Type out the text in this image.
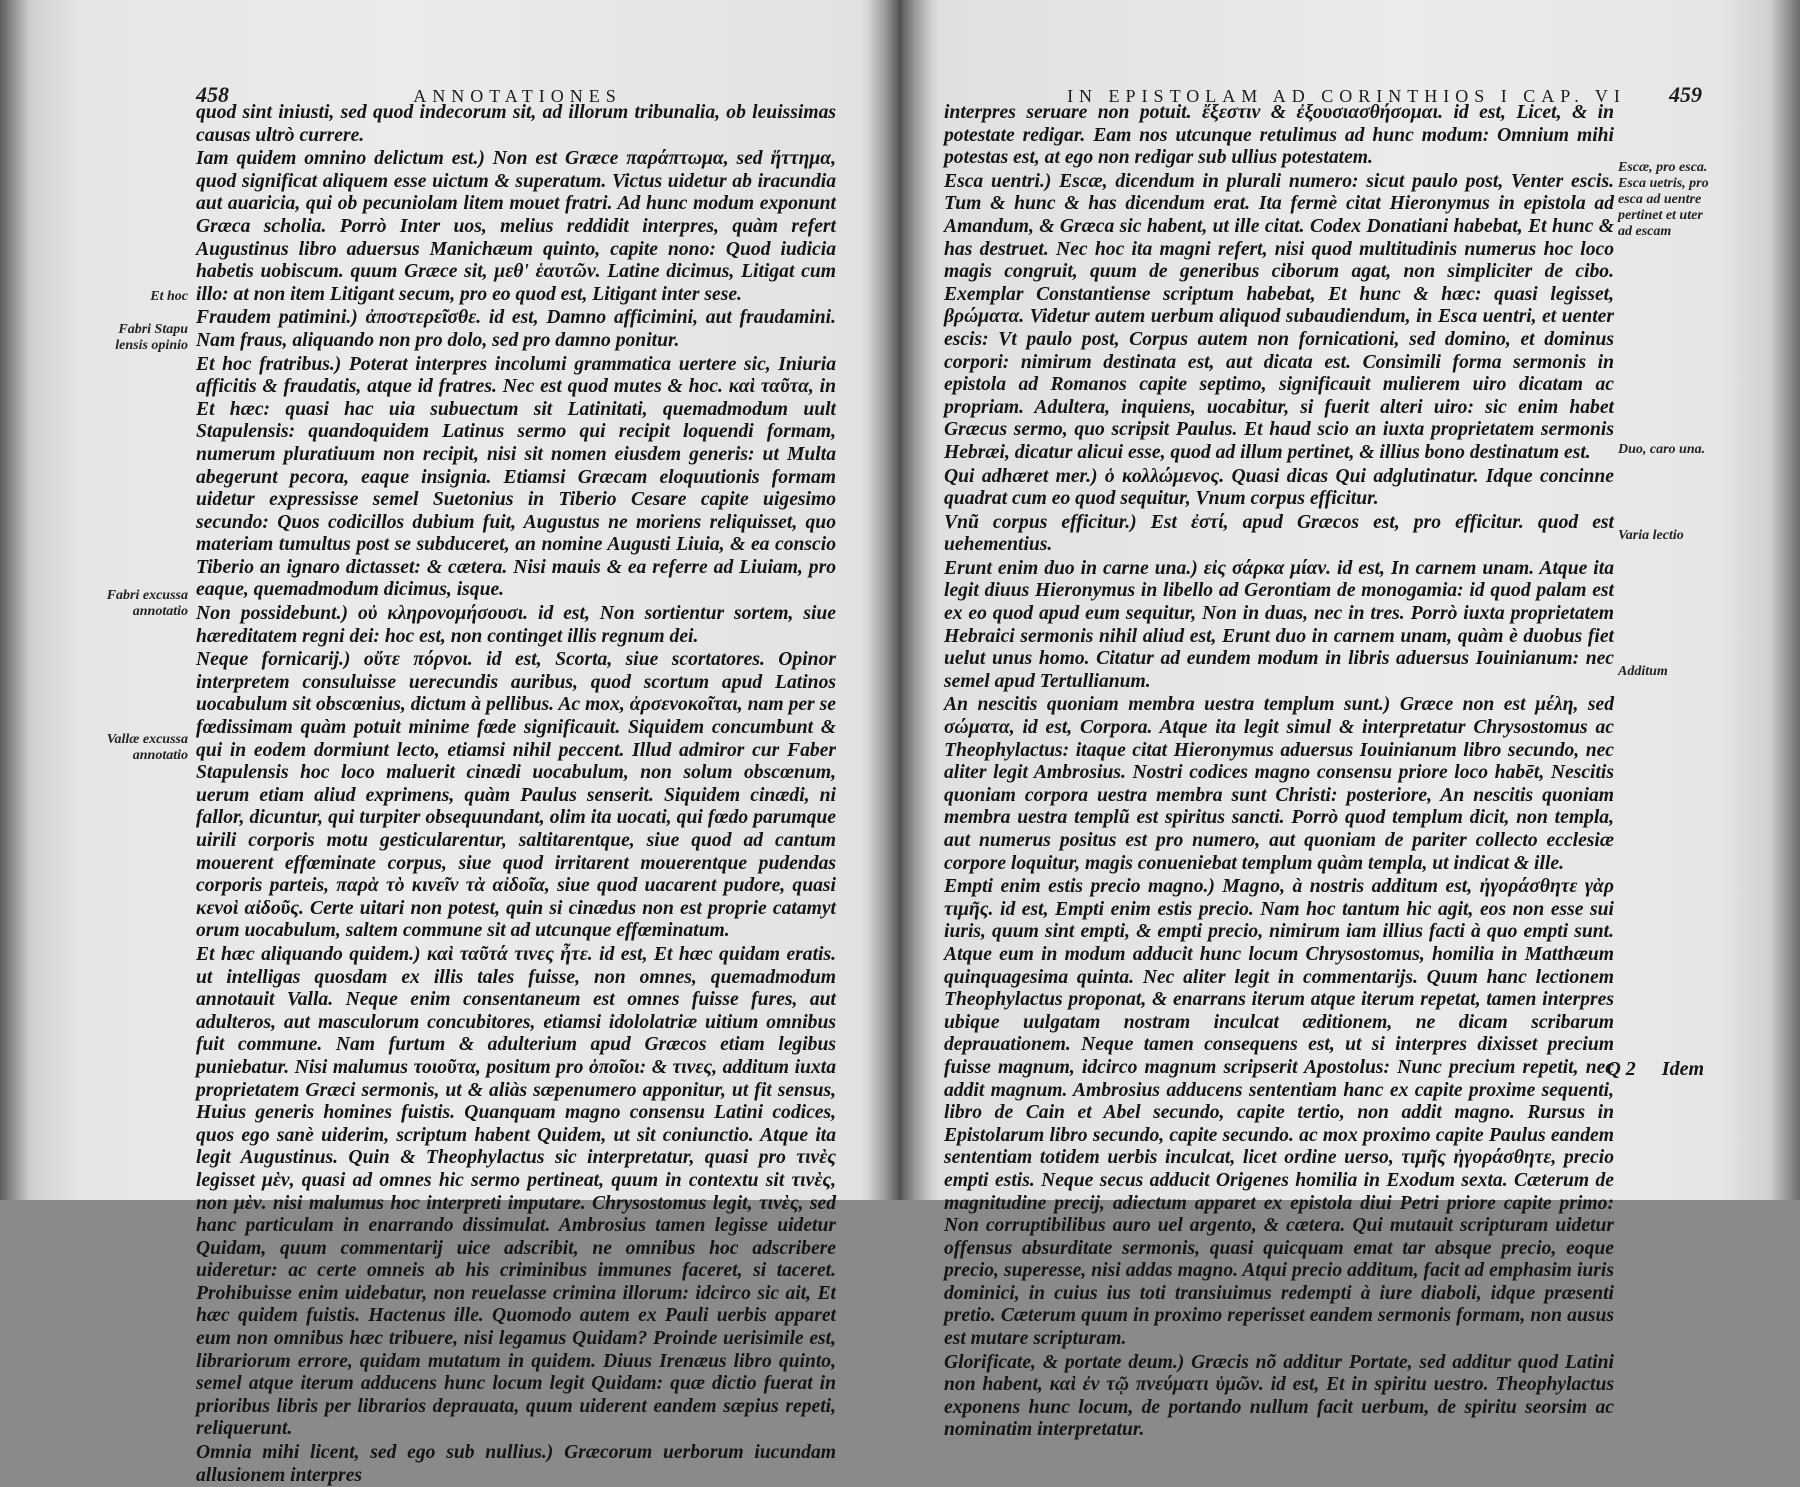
458	ANNOTATIONES
Et hoc
Fabri Stapu lensis opinio
Fabri excussa annotatio
Vallæ excussa annotatio

quod sint iniusti, sed quod indecorum sit, ad illorum tribunalia, ob leuissimas causas ultrò currere.

Iam quidem omnino delictum est.) Non est Græce παράπτωμα, sed ἥττημα, quod significat aliquem esse uictum & superatum. Victus uidetur ab iracundia aut auaricia, qui ob pecuniolam litem mouet fratri. Ad hunc modum exponunt Græca scholia. Porrò Inter uos, melius reddidit interpres, quàm refert Augustinus libro aduersus Manichæum quinto, capite nono: Quod iudicia habetis uobiscum. quum Græce sit, μεθ' ἑαυτῶν. Latine dicimus, Litigat cum illo: at non item Litigant secum, pro eo quod est, Litigant inter sese.

Fraudem patimini.) ἀποστερεῖσθε. id est, Damno afficimini, aut fraudamini. Nam fraus, aliquando non pro dolo, sed pro damno ponitur.

Et hoc fratribus.) Poterat interpres incolumi grammatica uertere sic, Iniuria afficitis & fraudatis, atque id fratres. Nec est quod mutes & hoc. καὶ ταῦτα, in Et hæc: quasi hac uia subuectum sit Latinitati, quemadmodum uult Stapulensis: quandoquidem Latinus sermo qui recipit loquendi formam, numerum pluratiuum non recipit, nisi sit nomen eiusdem generis: ut Multa abegerunt pecora, eaque insignia. Etiamsi Græcam eloquutionis formam uidetur expressisse semel Suetonius in Tiberio Cesare capite uigesimo secundo: Quos codicillos dubium fuit, Augustus ne moriens reliquisset, quo materiam tumultus post se subduceret, an nomine Augusti Liuia, & ea conscio Tiberio an ignaro dictasset: & cætera. Nisi mauis & ea referre ad Liuiam, pro eaque, quemadmodum dicimus, isque.

Non possidebunt.) οὐ κληρονομήσουσι. id est, Non sortientur sortem, siue hæreditatem regni dei: hoc est, non continget illis regnum dei.

Neque fornicarij.) οὔτε πόρνοι. id est, Scorta, siue scortatores. Opinor interpretem consuluisse uerecundis auribus, quod scortum apud Latinos uocabulum sit obscœnius, dictum à pellibus. Ac mox, ἀρσενοκοῖται, nam per se fœdissimam quàm potuit minime fœde significauit. Siquidem concumbunt & qui in eodem dormiunt lecto, etiamsi nihil peccent. Illud admiror cur Faber Stapulensis hoc loco maluerit cinædi uocabulum, non solum obscœnum, uerum etiam aliud exprimens, quàm Paulus senserit. Siquidem cinædi, ni fallor, dicuntur, qui turpiter obsequundant, olim ita uocati, qui fœdo parumque uirili corporis motu gesticularentur, saltitarentque, siue quod ad cantum mouerent effœminate corpus, siue quod irritarent mouerentque pudendas corporis parteis, παρὰ τὸ κινεῖν τὰ αἰδοῖα, siue quod uacarent pudore, quasi κενοὶ αἰδοῦς. Certe uitari non potest, quin si cinædus non est proprie catamyt orum uocabulum, saltem commune sit ad utcunque effœminatum.

Et hæc aliquando quidem.) καὶ ταῦτά τινες ἦτε. id est, Et hæc quidam eratis. ut intelligas quosdam ex illis tales fuisse, non omnes, quemadmodum annotauit Valla. Neque enim consentaneum est omnes fuisse fures, aut adulteros, aut masculorum concubitores, etiamsi idololatriæ uitium omnibus fuit commune. Nam furtum & adulterium apud Græcos etiam legibus puniebatur. Nisi malumus τοιοῦτα, positum pro ὁποῖοι: & τινες, additum iuxta proprietatem Græci sermonis, ut & aliàs sæpenumero apponitur, ut fit sensus, Huius generis homines fuistis. Quanquam magno consensu Latini codices, quos ego sanè uiderim, scriptum habent Quidem, ut sit coniunctio. Atque ita legit Augustinus. Quin & Theophylactus sic interpretatur, quasi pro τινὲς legisset μὲν, quasi ad omnes hic sermo pertineat, quum in contextu sit τινὲς, non μὲν. nisi malumus hoc interpreti imputare. Chrysostomus legit, τινὲς, sed hanc particulam in enarrando dissimulat. Ambrosius tamen legisse uidetur Quidam, quum commentarij uice adscribit, ne omnibus hoc adscribere uideretur: ac certe omneis ab his criminibus immunes faceret, si taceret. Prohibuisse enim uidebatur, non reuelasse crimina illorum: idcirco sic ait, Et hæc quidem fuistis. Hactenus ille. Quomodo autem ex Pauli uerbis apparet eum non omnibus hæc tribuere, nisi legamus Quidam? Proinde uerisimile est, librariorum errore, quidam mutatum in quidem. Diuus Irenæus libro quinto, semel atque iterum adducens hunc locum legit Quidam: quæ dictio fuerat in prioribus libris per librarios deprauata, quum uiderent eandem sæpius repeti, reliquerunt.

Omnia mihi licent, sed ego sub nullius.) Græcorum uerborum iucundam allusionem interpres

IN EPISTOLAM AD CORINTHIOS I CAP. VI 459
Escæ, pro esca. Esca uetris, pro esca ad uentre pertinet et uter ad escam
Duo, caro una.
Varia lectio
Additum

interpres seruare non potuit. ἔξεστιν & ἐξουσιασθήσομαι. id est, Licet, & in potestate redigar. Eam nos utcunque retulimus ad hunc modum: Omnium mihi potestas est, at ego non redigar sub ullius potestatem.

Esca uentri.) Escæ, dicendum in plurali numero: sicut paulo post, Venter escis. Tum & hunc & has dicendum erat. Ita fermè citat Hieronymus in epistola ad Amandum, & Græca sic habent, ut ille citat. Codex Donatiani habebat, Et hunc & has destruet. Nec hoc ita magni refert, nisi quod multitudinis numerus hoc loco magis congruit, quum de generibus ciborum agat, non simpliciter de cibo. Exemplar Constantiense scriptum habebat, Et hunc & hæc: quasi legisset, βρώματα. Videtur autem uerbum aliquod subaudiendum, in Esca uentri, et uenter escis: Vt paulo post, Corpus autem non fornicationi, sed domino, et dominus corpori: nimirum destinata est, aut dicata est. Consimili forma sermonis in epistola ad Romanos capite septimo, significauit mulierem uiro dicatam ac propriam. Adultera, inquiens, uocabitur, si fuerit alteri uiro: sic enim habet Græcus sermo, quo scripsit Paulus. Et haud scio an iuxta proprietatem sermonis Hebræi, dicatur alicui esse, quod ad illum pertinet, & illius bono destinatum est.

Qui adhæret mer.) ὁ κολλώμενος. Quasi dicas Qui adglutinatur. Idque concinne quadrat cum eo quod sequitur, Vnum corpus efficitur.

Vnũ corpus efficitur.) Est ἐστί, apud Græcos est, pro efficitur. quod est uehementius.

Erunt enim duo in carne una.) εἰς σάρκα μίαν. id est, In carnem unam. Atque ita legit diuus Hieronymus in libello ad Gerontiam de monogamia: id quod palam est ex eo quod apud eum sequitur, Non in duas, nec in tres. Porrò iuxta proprietatem Hebraici sermonis nihil aliud est, Erunt duo in carnem unam, quàm è duobus fiet uelut unus homo. Citatur ad eundem modum in libris aduersus Iouinianum: nec semel apud Tertullianum.

An nescitis quoniam membra uestra templum sunt.) Græce non est μέλη, sed σώματα, id est, Corpora. Atque ita legit simul & interpretatur Chrysostomus ac Theophylactus: itaque citat Hieronymus aduersus Iouinianum libro secundo, nec aliter legit Ambrosius. Nostri codices magno consensu priore loco habēt, Nescitis quoniam corpora uestra membra sunt Christi: posteriore, An nescitis quoniam membra uestra templũ est spiritus sancti. Porrò quod templum dicit, non templa, aut numerus positus est pro numero, aut quoniam de pariter collecto ecclesiæ corpore loquitur, magis conueniebat templum quàm templa, ut indicat & ille.

Empti enim estis precio magno.) Magno, à nostris additum est, ἠγοράσθητε γὰρ τιμῆς. id est, Empti enim estis precio. Nam hoc tantum hic agit, eos non esse sui iuris, quum sint empti, & empti precio, nimirum iam illius facti à quo empti sunt. Atque eum in modum adducit hunc locum Chrysostomus, homilia in Matthæum quinquagesima quinta. Nec aliter legit in commentarijs. Quum hanc lectionem Theophylactus proponat, & enarrans iterum atque iterum repetat, tamen interpres ubique uulgatam nostram inculcat æditionem, ne dicam scribarum deprauationem. Neque tamen consequens est, ut si interpres dixisset precium fuisse magnum, idcirco magnum scripserit Apostolus: Nunc precium repetit, nec addit magnum. Ambrosius adducens sententiam hanc ex capite proxime sequenti, libro de Cain et Abel secundo, capite tertio, non addit magno. Rursus in Epistolarum libro secundo, capite secundo. ac mox proximo capite Paulus eandem sententiam totidem uerbis inculcat, licet ordine uerso, τιμῆς ἠγοράσθητε, precio empti estis. Neque secus adducit Origenes homilia in Exodum sexta. Cæterum de magnitudine precij, adiectum apparet ex epistola diui Petri priore capite primo: Non corruptibilibus auro uel argento, & cætera. Qui mutauit scripturam uidetur offensus absurditate sermonis, quasi quicquam emat tar absque precio, eoque precio, superesse, nisi addas magno. Atqui precio additum, facit ad emphasim iuris dominici, in cuius ius toti transiuimus redempti à iure diaboli, idque præsenti pretio. Cæterum quum in proximo reperisset eandem sermonis formam, non ausus est mutare scripturam.

Glorificate, & portate deum.) Græcis nõ additur Portate, sed additur quod Latini non habent, καὶ ἐν τῷ πνεύματι ὑμῶν. id est, Et in spiritu uestro. Theophylactus exponens hunc locum, de portando nullum facit uerbum, de spiritu seorsim ac nominatim interpretatur.

Q 2 Idem
